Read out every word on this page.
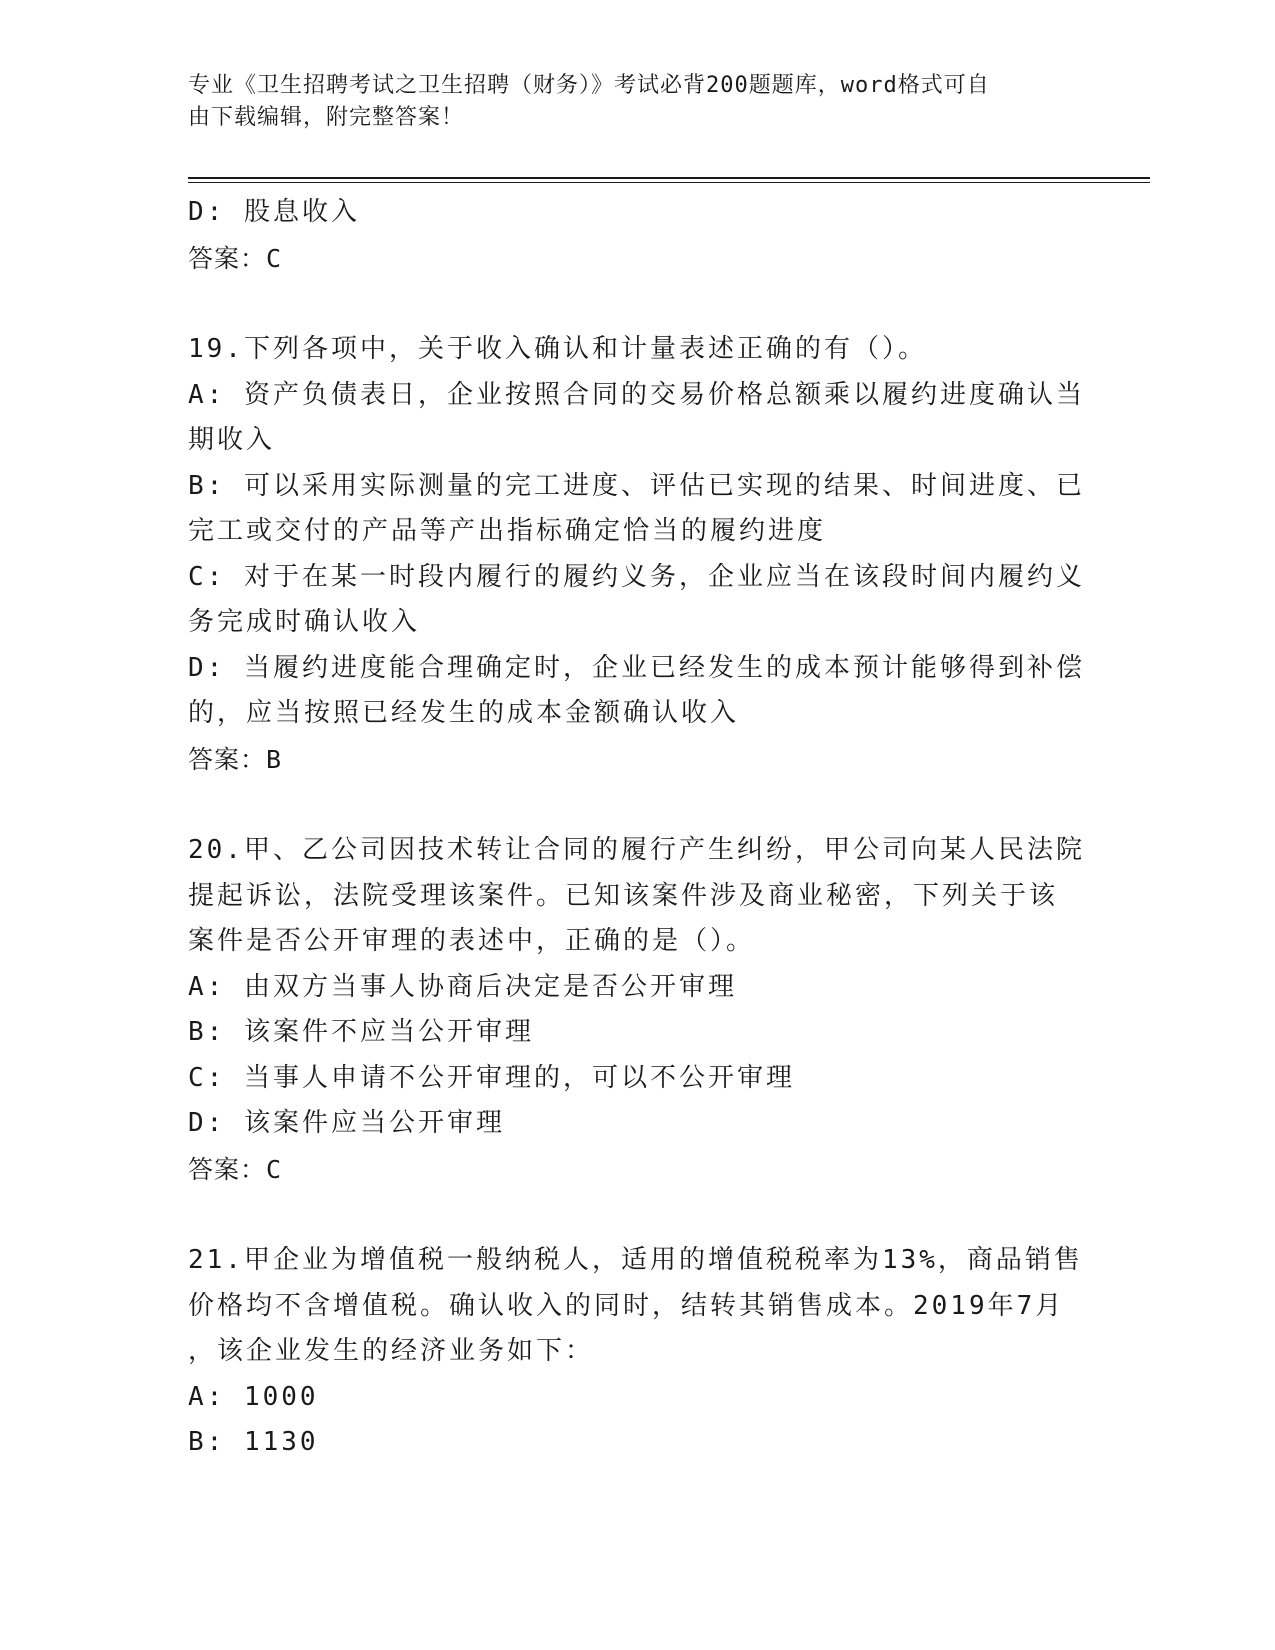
专业《卫生招聘考试之卫生招聘（财务）》考试必背200题题库，word格式可自
由下载编辑，附完整答案！
D: 股息收入
答案：C
19.下列各项中，关于收入确认和计量表述正确的有（）。
A: 资产负债表日，企业按照合同的交易价格总额乘以履约进度确认当
期收入
B: 可以采用实际测量的完工进度、评估已实现的结果、时间进度、已
完工或交付的产品等产出指标确定恰当的履约进度
C: 对于在某一时段内履行的履约义务，企业应当在该段时间内履约义
务完成时确认收入
D: 当履约进度能合理确定时，企业已经发生的成本预计能够得到补偿
的，应当按照已经发生的成本金额确认收入
答案：B
20.甲、乙公司因技术转让合同的履行产生纠纷，甲公司向某人民法院
提起诉讼，法院受理该案件。已知该案件涉及商业秘密，下列关于该
案件是否公开审理的表述中，正确的是（）。
A: 由双方当事人协商后决定是否公开审理
B: 该案件不应当公开审理
C: 当事人申请不公开审理的，可以不公开审理
D: 该案件应当公开审理
答案：C
21.甲企业为增值税一般纳税人，适用的增值税税率为13%，商品销售
价格均不含增值税。确认收入的同时，结转其销售成本。2019年7月
，该企业发生的经济业务如下：
A: 1000
B: 1130
